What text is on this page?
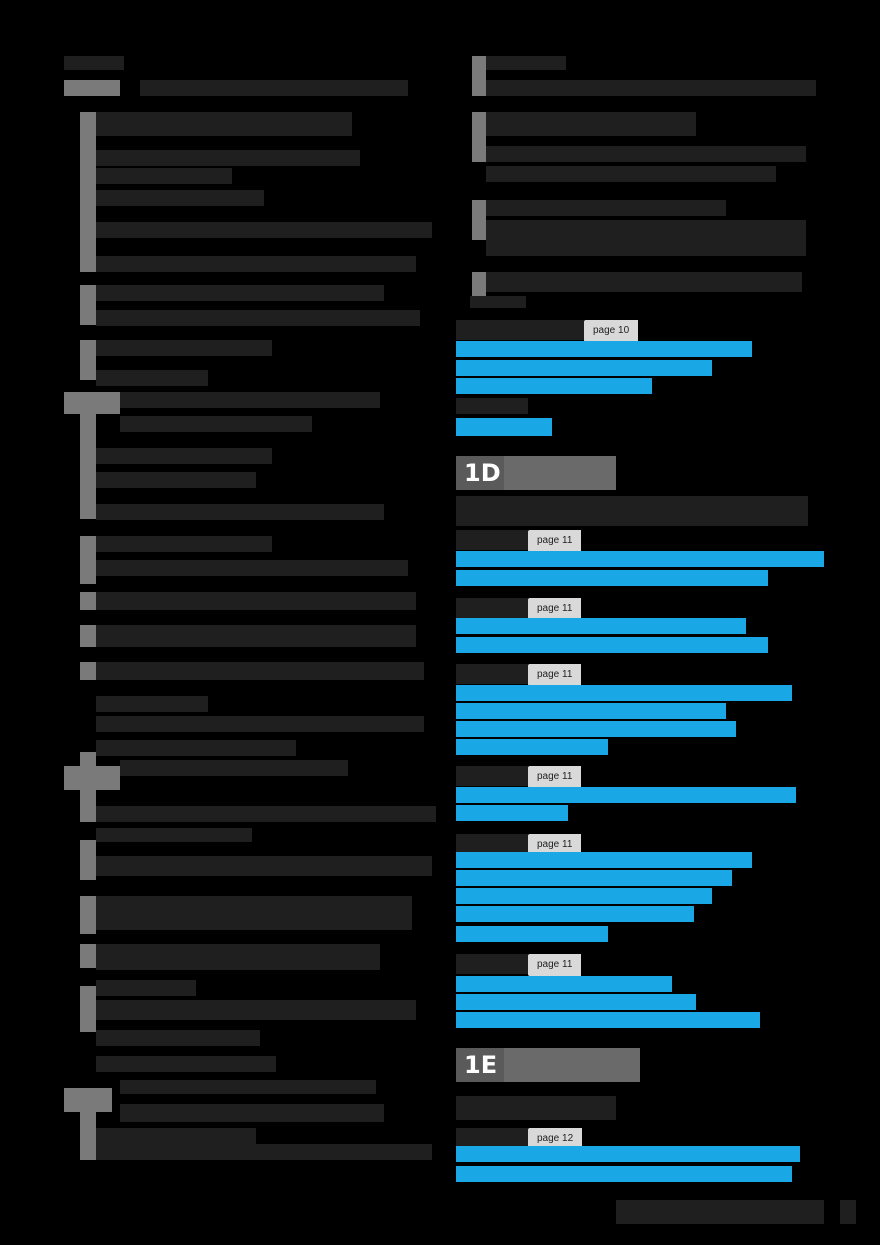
page 10
1D
page 11
page 11
page 11
page 11
page 11
page 11
1E
page 12
